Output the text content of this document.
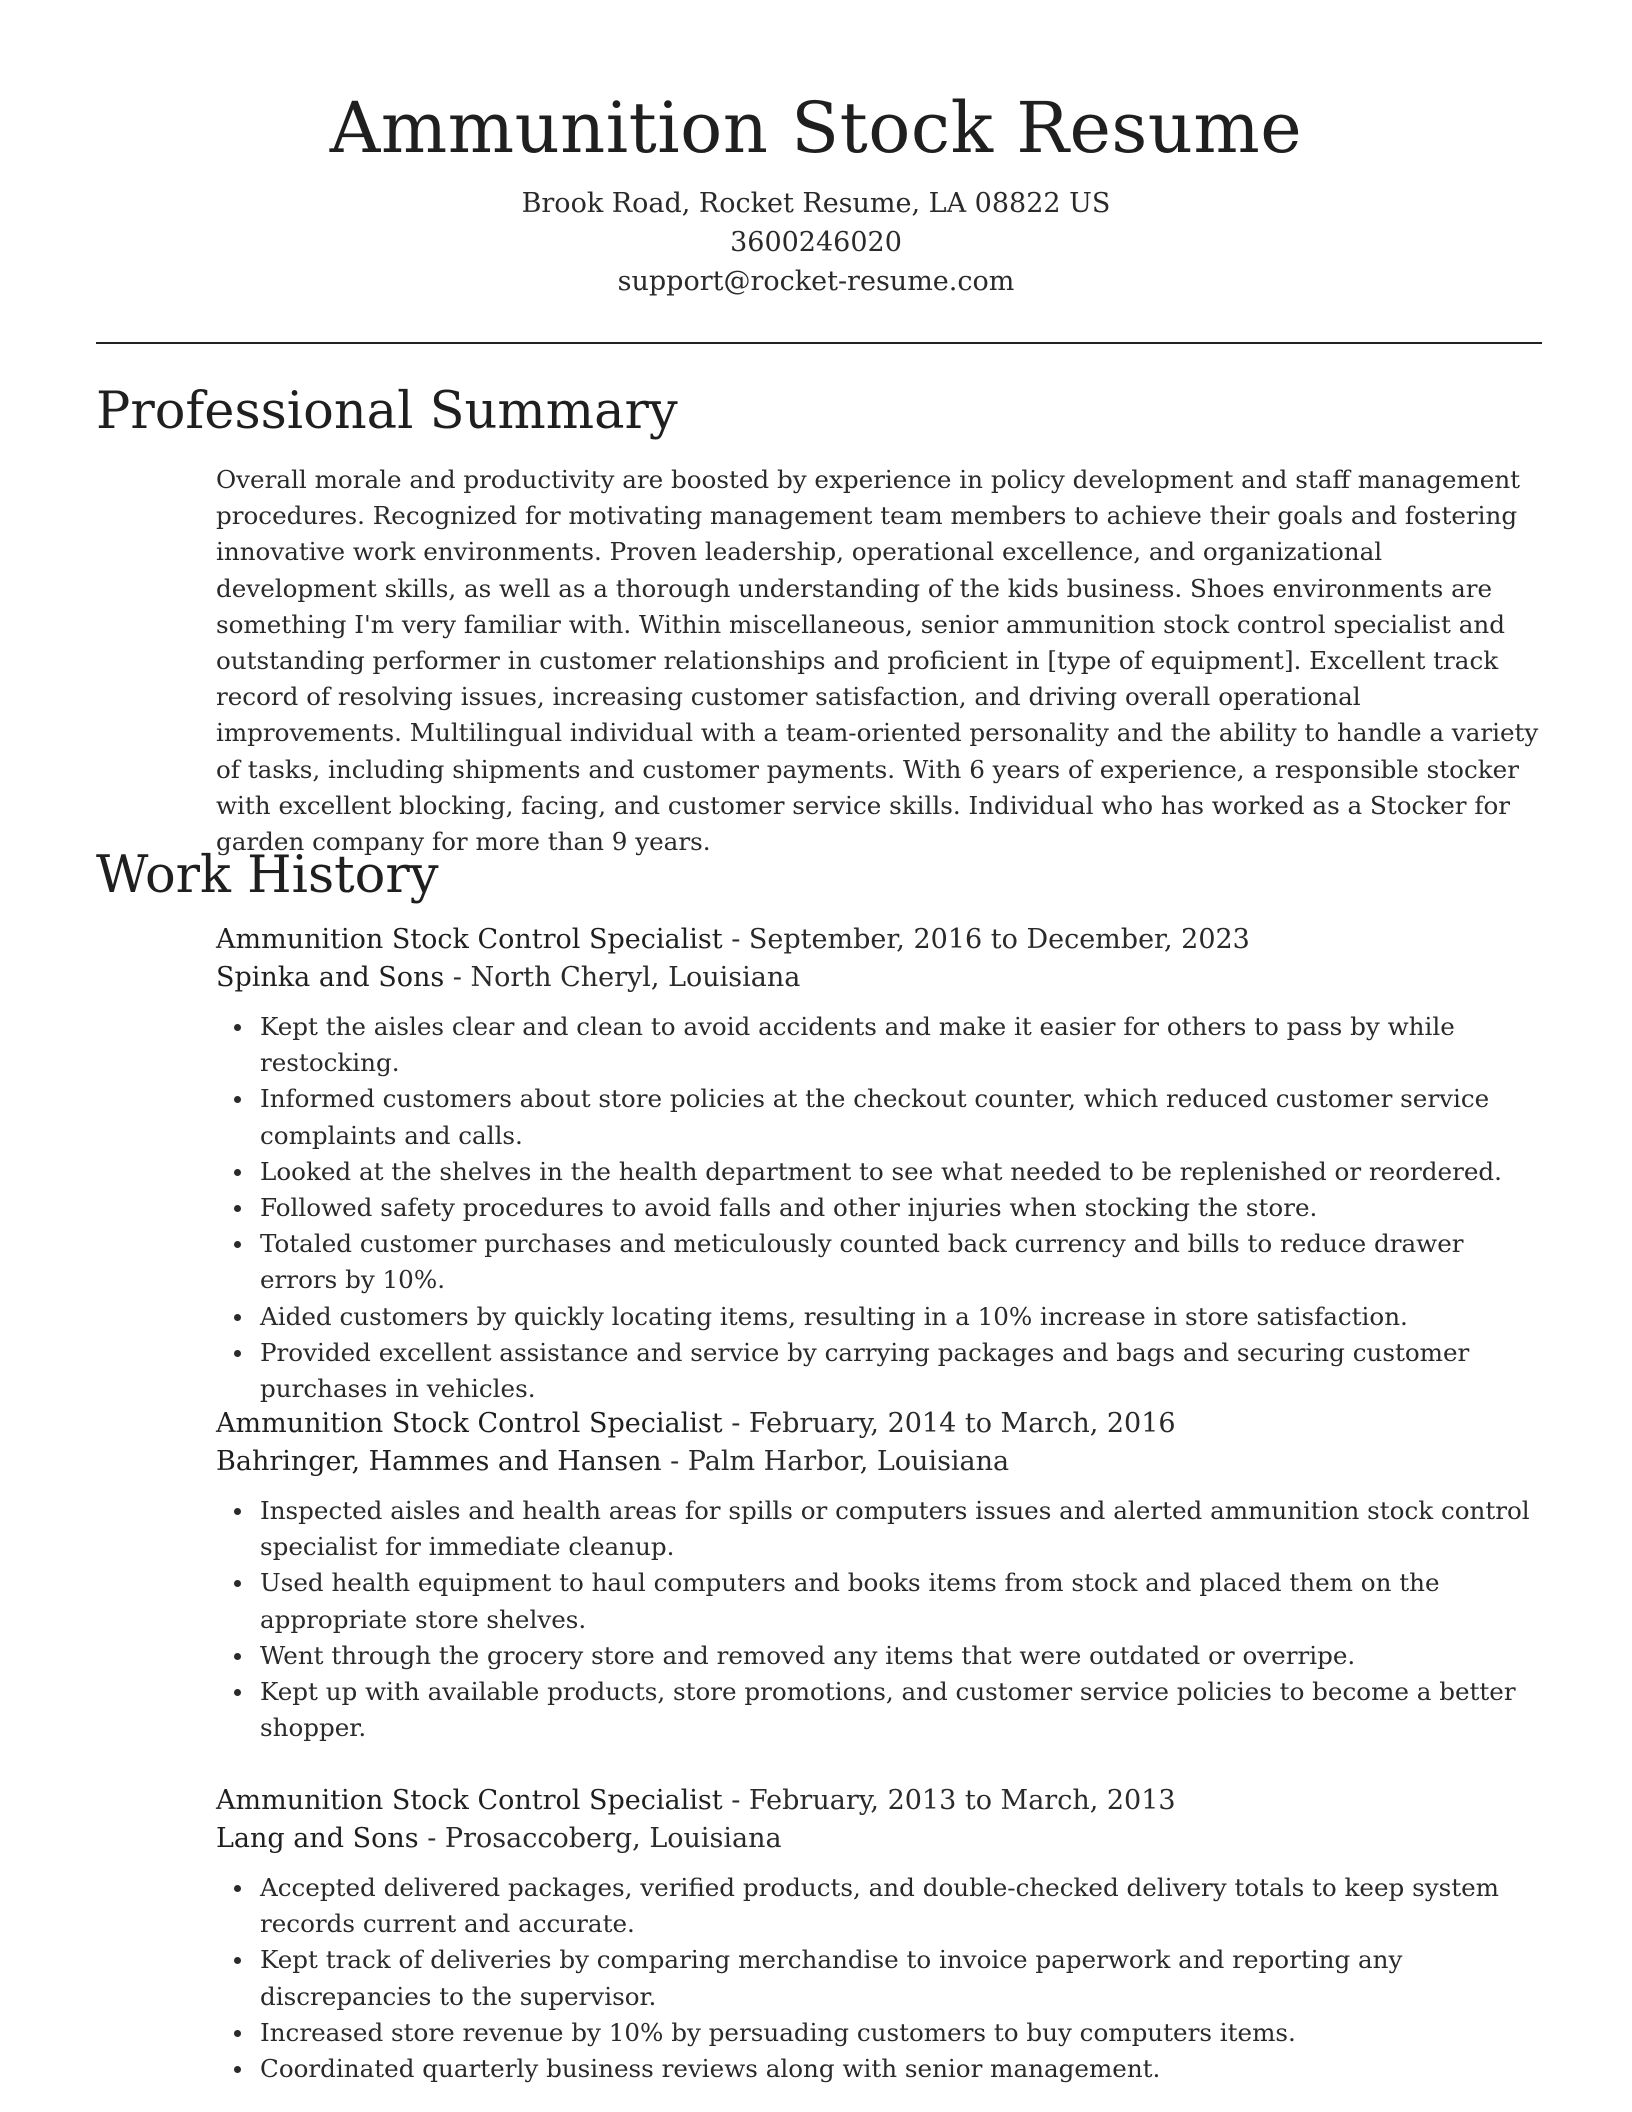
Ammunition Stock Resume
Brook Road, Rocket Resume, LA 08822 US
3600246020
support@rocket-resume.com
Professional Summary

Overall morale and productivity are boosted by experience in policy development and staff management procedures. Recognized for motivating management team members to achieve their goals and fostering innovative work environments. Proven leadership, operational excellence, and organizational development skills, as well as a thorough understanding of the kids business. Shoes environments are something I'm very familiar with. Within miscellaneous, senior ammunition stock control specialist and outstanding performer in customer relationships and proficient in [type of equipment]. Excellent track record of resolving issues, increasing customer satisfaction, and driving overall operational improvements. Multilingual individual with a team-oriented personality and the ability to handle a variety of tasks, including shipments and customer payments. With 6 years of experience, a responsible stocker with excellent blocking, facing, and customer service skills. Individual who has worked as a Stocker for garden company for more than 9 years.

Work History
Ammunition Stock Control Specialist - September, 2016 to December, 2023
Spinka and Sons - North Cheryl, Louisiana
Kept the aisles clear and clean to avoid accidents and make it easier for others to pass by while restocking.
Informed customers about store policies at the checkout counter, which reduced customer service complaints and calls.
Looked at the shelves in the health department to see what needed to be replenished or reordered.
Followed safety procedures to avoid falls and other injuries when stocking the store.
Totaled customer purchases and meticulously counted back currency and bills to reduce drawer errors by 10%.
Aided customers by quickly locating items, resulting in a 10% increase in store satisfaction.
Provided excellent assistance and service by carrying packages and bags and securing customer purchases in vehicles.
Ammunition Stock Control Specialist - February, 2014 to March, 2016
Bahringer, Hammes and Hansen - Palm Harbor, Louisiana
Inspected aisles and health areas for spills or computers issues and alerted ammunition stock control specialist for immediate cleanup.
Used health equipment to haul computers and books items from stock and placed them on the appropriate store shelves.
Went through the grocery store and removed any items that were outdated or overripe.
Kept up with available products, store promotions, and customer service policies to become a better shopper.
Ammunition Stock Control Specialist - February, 2013 to March, 2013
Lang and Sons - Prosaccoberg, Louisiana
Accepted delivered packages, verified products, and double-checked delivery totals to keep system records current and accurate.
Kept track of deliveries by comparing merchandise to invoice paperwork and reporting any discrepancies to the supervisor.
Increased store revenue by 10% by persuading customers to buy computers items.
Coordinated quarterly business reviews along with senior management.
